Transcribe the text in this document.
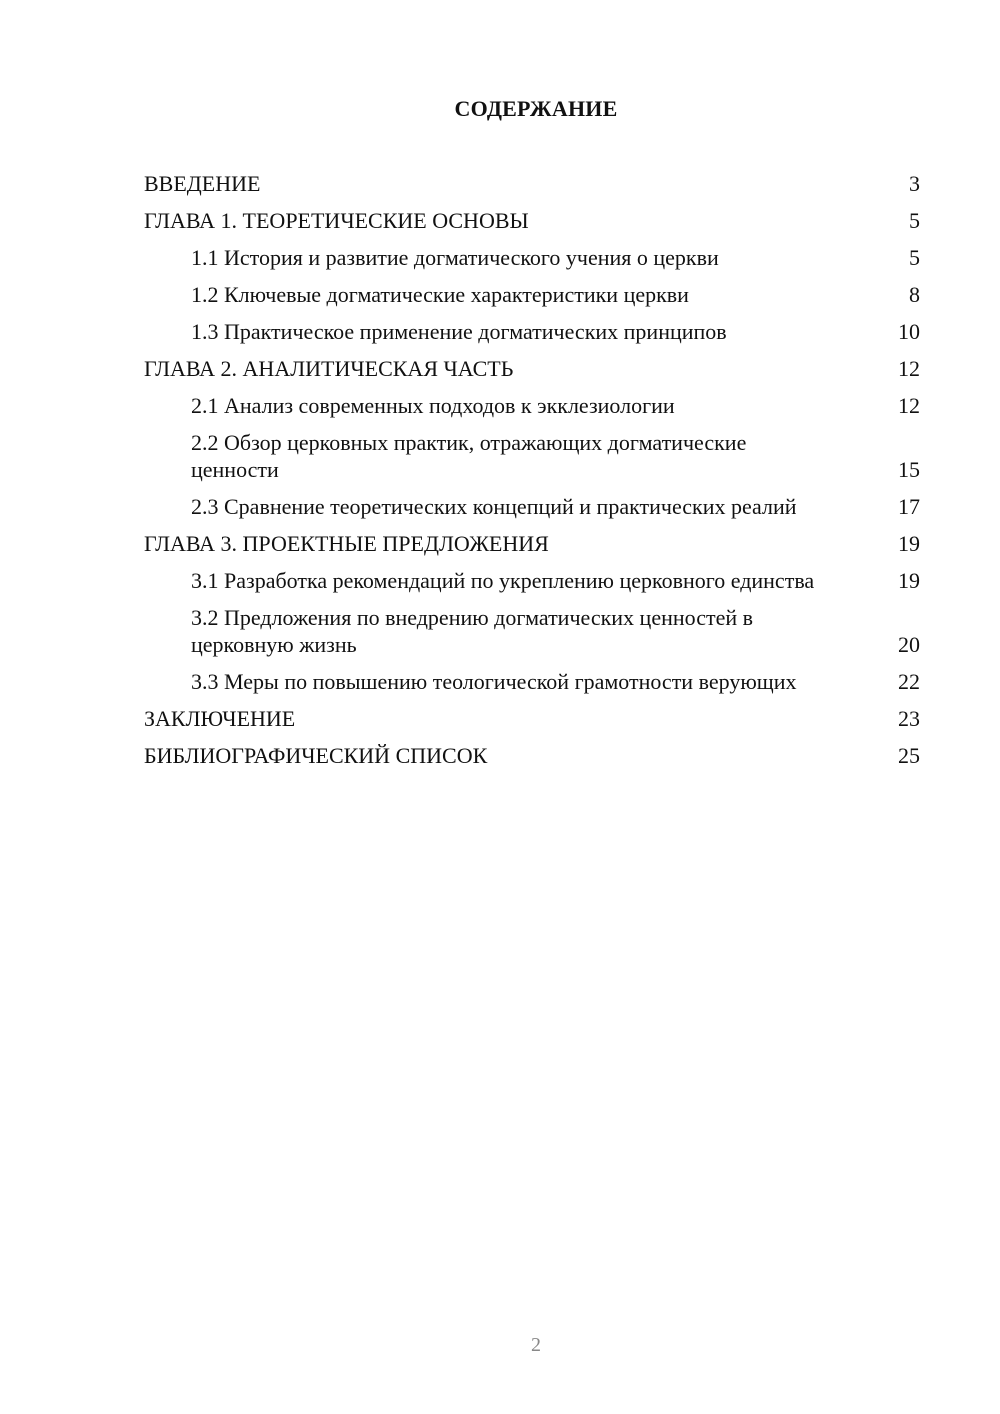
СОДЕРЖАНИЕ
ВВЕДЕНИЕ	3
ГЛАВА 1. ТЕОРЕТИЧЕСКИЕ ОСНОВЫ	5
1.1 История и развитие догматического учения о церкви	5
1.2 Ключевые догматические характеристики церкви	8
1.3 Практическое применение догматических принципов	10
ГЛАВА 2. АНАЛИТИЧЕСКАЯ ЧАСТЬ	12
2.1 Анализ современных подходов к экклезиологии	12
2.2 Обзор церковных практик, отражающих догматические ценности	15
2.3 Сравнение теоретических концепций и практических реалий	17
ГЛАВА 3. ПРОЕКТНЫЕ ПРЕДЛОЖЕНИЯ	19
3.1 Разработка рекомендаций по укреплению церковного единства	19
3.2 Предложения по внедрению догматических ценностей в церковную жизнь	20
3.3 Меры по повышению теологической грамотности верующих	22
ЗАКЛЮЧЕНИЕ	23
БИБЛИОГРАФИЧЕСКИЙ СПИСОК	25
2
